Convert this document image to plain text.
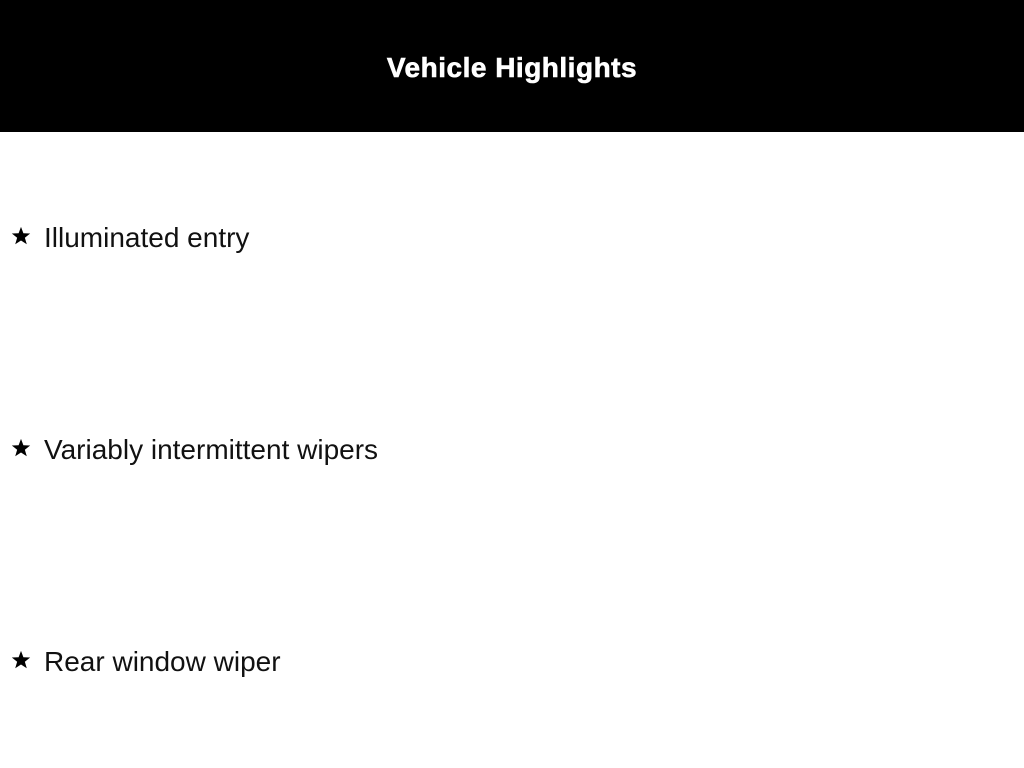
Vehicle Highlights
Illuminated entry
Variably intermittent wipers
Rear window wiper
